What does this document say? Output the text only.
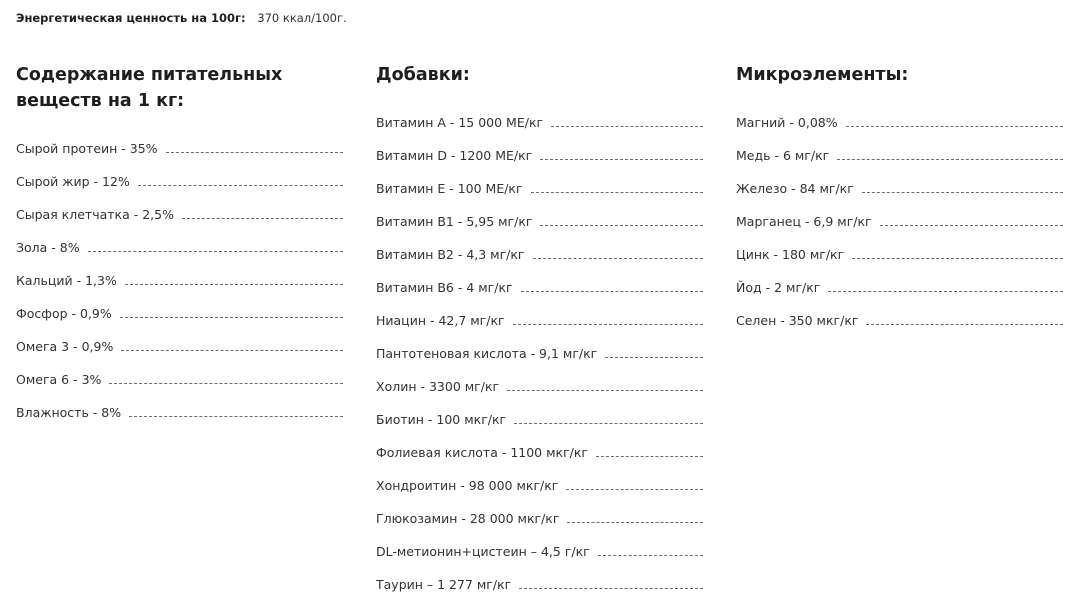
Энергетическая ценность на 100г: 370 ккал/100г.
Содержание питательных веществ на 1 кг:
Сырой протеин - 35%
Сырой жир - 12%
Сырая клетчатка - 2,5%
Зола - 8%
Кальций - 1,3%
Фосфор - 0,9%
Омега 3 - 0,9%
Омега 6 - 3%
Влажность - 8%
Добавки:
Витамин А - 15 000 МЕ/кг
Витамин D - 1200 МЕ/кг
Витамин Е - 100 МЕ/кг
Витамин В1 - 5,95 мг/кг
Витамин В2 - 4,3 мг/кг
Витамин В6 - 4 мг/кг
Ниацин - 42,7 мг/кг
Пантотеновая кислота - 9,1 мг/кг
Холин - 3300 мг/кг
Биотин - 100 мкг/кг
Фолиевая кислота - 1100 мкг/кг
Хондроитин - 98 000 мкг/кг
Глюкозамин - 28 000 мкг/кг
DL-метионин+цистеин – 4,5 г/кг
Таурин – 1 277 мг/кг
Микроэлементы:
Магний - 0,08%
Медь - 6 мг/кг
Железо - 84 мг/кг
Марганец - 6,9 мг/кг
Цинк - 180 мг/кг
Йод - 2 мг/кг
Селен - 350 мкг/кг
